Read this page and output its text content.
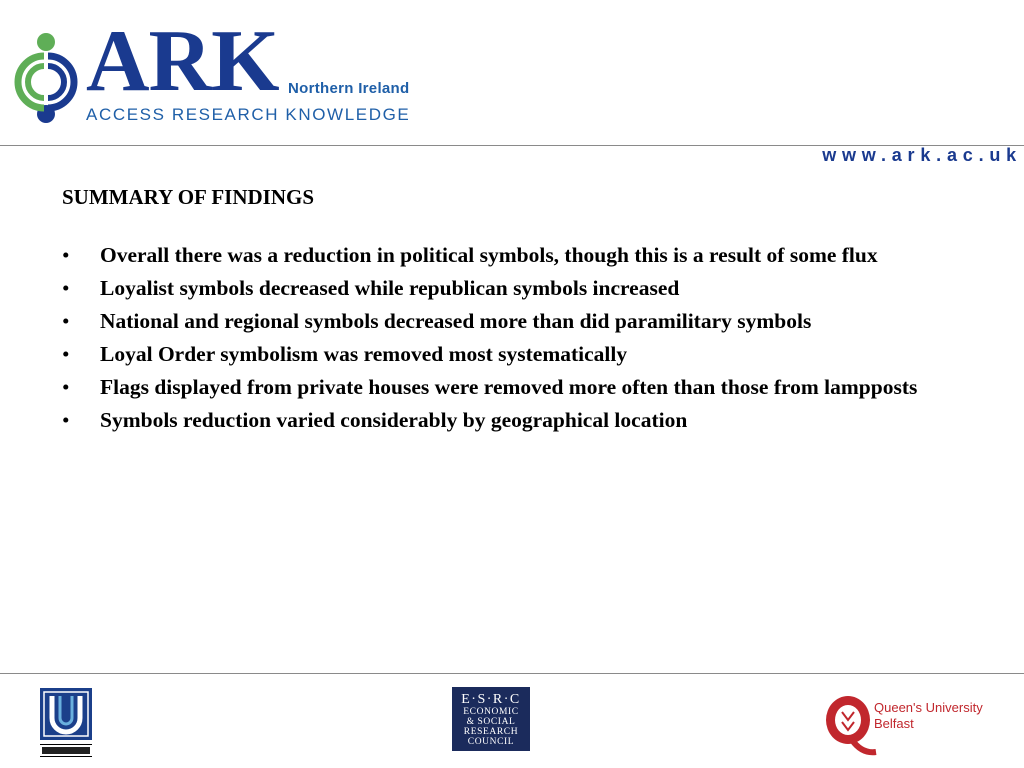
ARK Northern Ireland
ACCESS RESEARCH KNOWLEDGE
www.ark.ac.uk
SUMMARY OF FINDINGS
• Overall there was a reduction in political symbols, though this is a result of some flux
• Loyalist symbols decreased while republican symbols increased
• National and regional symbols decreased more than did paramilitary symbols
• Loyal Order symbolism was removed most systematically
• Flags displayed from private houses were removed more often than those from lampposts
• Symbols reduction varied considerably by geographical location
E·S·R·C
ECONOMIC
& SOCIAL
RESEARCH
COUNCIL
Queen's University
Belfast
